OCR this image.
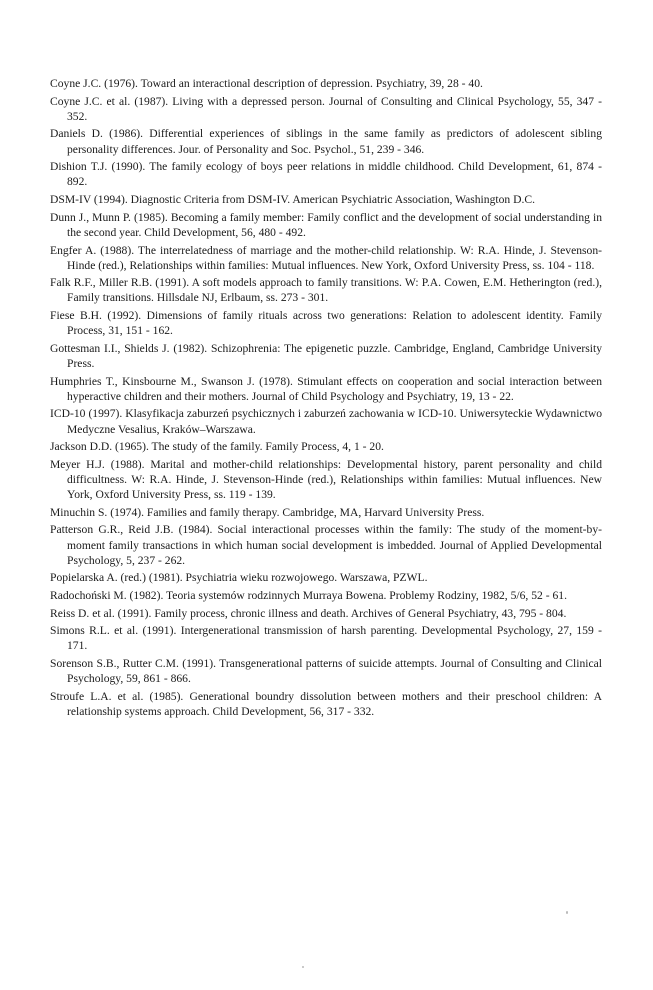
Coyne J.C. (1976). Toward an interactional description of depression. Psychiatry, 39, 28 - 40.
Coyne J.C. et al. (1987). Living with a depressed person. Journal of Consulting and Clinical Psychology, 55, 347 - 352.
Daniels D. (1986). Differential experiences of siblings in the same family as predictors of adolescent sibling personality differences. Jour. of Personality and Soc. Psychol., 51, 239 - 346.
Dishion T.J. (1990). The family ecology of boys peer relations in middle childhood. Child Development, 61, 874 - 892.
DSM-IV (1994). Diagnostic Criteria from DSM-IV. American Psychiatric Association, Washington D.C.
Dunn J., Munn P. (1985). Becoming a family member: Family conflict and the development of social understanding in the second year. Child Development, 56, 480 - 492.
Engfer A. (1988). The interrelatedness of marriage and the mother-child relationship. W: R.A. Hinde, J. Stevenson-Hinde (red.), Relationships within families: Mutual influences. New York, Oxford University Press, ss. 104 - 118.
Falk R.F., Miller R.B. (1991). A soft models approach to family transitions. W: P.A. Cowen, E.M. Hetherington (red.), Family transitions. Hillsdale NJ, Erlbaum, ss. 273 - 301.
Fiese B.H. (1992). Dimensions of family rituals across two generations: Relation to adolescent identity. Family Process, 31, 151 - 162.
Gottesman I.I., Shields J. (1982). Schizophrenia: The epigenetic puzzle. Cambridge, England, Cambridge University Press.
Humphries T., Kinsbourne M., Swanson J. (1978). Stimulant effects on cooperation and social interaction between hyperactive children and their mothers. Journal of Child Psychology and Psychiatry, 19, 13 - 22.
ICD-10 (1997). Klasyfikacja zaburzeń psychicznych i zaburzeń zachowania w ICD-10. Uniwersyteckie Wydawnictwo Medyczne Vesalius, Kraków–Warszawa.
Jackson D.D. (1965). The study of the family. Family Process, 4, 1 - 20.
Meyer H.J. (1988). Marital and mother-child relationships: Developmental history, parent personality and child difficultness. W: R.A. Hinde, J. Stevenson-Hinde (red.), Relationships within families: Mutual influences. New York, Oxford University Press, ss. 119 - 139.
Minuchin S. (1974). Families and family therapy. Cambridge, MA, Harvard University Press.
Patterson G.R., Reid J.B. (1984). Social interactional processes within the family: The study of the moment-by-moment family transactions in which human social development is imbedded. Journal of Applied Developmental Psychology, 5, 237 - 262.
Popielarska A. (red.) (1981). Psychiatria wieku rozwojowego. Warszawa, PZWL.
Radochoński M. (1982). Teoria systemów rodzinnych Murraya Bowena. Problemy Rodziny, 1982, 5/6, 52 - 61.
Reiss D. et al. (1991). Family process, chronic illness and death. Archives of General Psychiatry, 43, 795 - 804.
Simons R.L. et al. (1991). Intergenerational transmission of harsh parenting. Developmental Psychology, 27, 159 - 171.
Sorenson S.B., Rutter C.M. (1991). Transgenerational patterns of suicide attempts. Journal of Consulting and Clinical Psychology, 59, 861 - 866.
Stroufe L.A. et al. (1985). Generational boundry dissolution between mothers and their preschool children: A relationship systems approach. Child Development, 56, 317 - 332.
